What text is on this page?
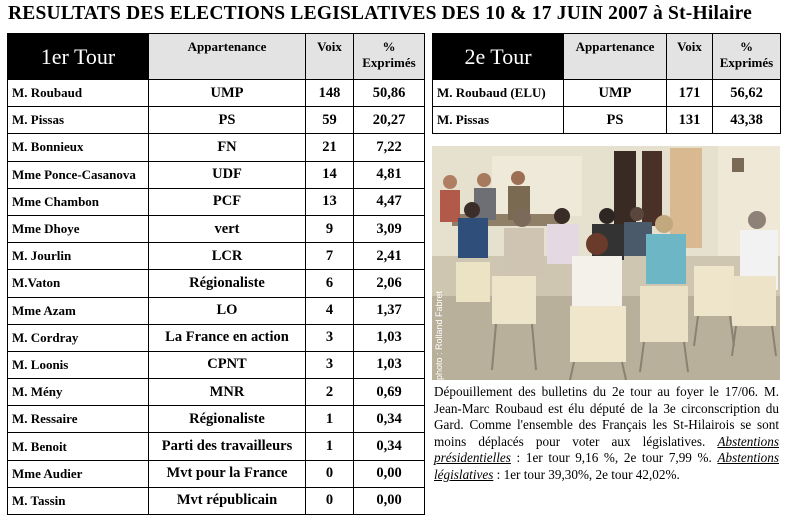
RESULTATS DES ELECTIONS LEGISLATIVES DES 10 & 17 JUIN 2007 à St-Hilaire
1er Tour	Appartenance	Voix	%
Exprimés
M. Roubaud	UMP	148	50,86
M. Pissas	PS	59	20,27
M. Bonnieux	FN	21	7,22
Mme Ponce-Casanova	UDF	14	4,81
Mme Chambon	PCF	13	4,47
Mme Dhoye	vert	9	3,09
M. Jourlin	LCR	7	2,41
M.Vaton	Régionaliste	6	2,06
Mme Azam	LO	4	1,37
M. Cordray	La France en action	3	1,03
M. Loonis	CPNT	3	1,03
M. Mény	MNR	2	0,69
M. Ressaire	Régionaliste	1	0,34
M. Benoit	Parti des travailleurs	1	0,34
Mme Audier	Mvt pour la France	0	0,00
M. Tassin	Mvt républicain	0	0,00
2e Tour	Appartenance	Voix	%
Exprimés
M. Roubaud (ELU)	UMP	171	56,62
M. Pissas	PS	131	43,38
photo : Rolland Fabret
Dépouillement des bulletins du 2e tour au foyer le 17/06. M. Jean-Marc Roubaud est élu député de la 3e circonscription du Gard. Comme l'ensemble des Français les St-Hilairois se sont moins déplacés pour voter aux législatives. Abstentions présidentielles : 1er tour 9,16 %, 2e tour 7,99 %. Abstentions législatives : 1er tour 39,30%, 2e tour 42,02%.
